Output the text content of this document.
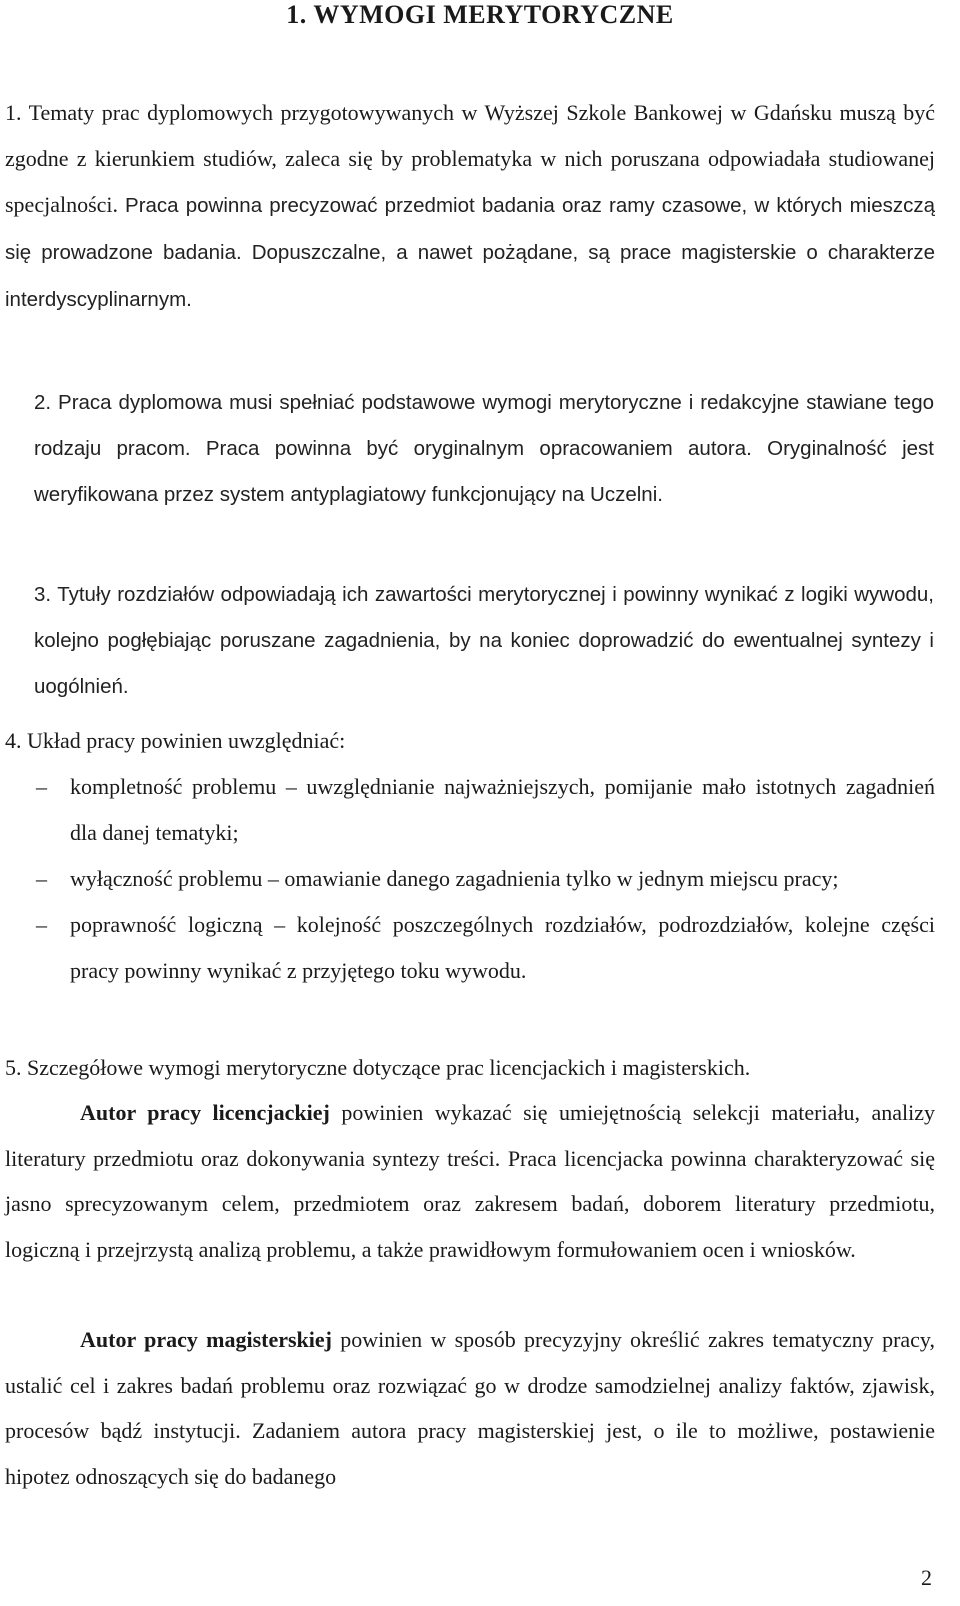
1. WYMOGI MERYTORYCZNE
1. Tematy prac dyplomowych przygotowywanych w Wyższej Szkole Bankowej w Gdańsku muszą być zgodne z kierunkiem studiów, zaleca się by problematyka w nich poruszana odpowiadała studiowanej specjalności. Praca powinna precyzować przedmiot badania oraz ramy czasowe, w których mieszczą się prowadzone badania. Dopuszczalne, a nawet pożądane, są prace magisterskie o charakterze interdyscyplinarnym.
2. Praca dyplomowa musi spełniać podstawowe wymogi merytoryczne i redakcyjne stawiane tego rodzaju pracom. Praca powinna być oryginalnym opracowaniem autora. Oryginalność jest weryfikowana przez system antyplagiatowy funkcjonujący na Uczelni.
3. Tytuły rozdziałów odpowiadają ich zawartości merytorycznej i powinny wynikać z logiki wywodu, kolejno pogłębiając poruszane zagadnienia, by na koniec doprowadzić do ewentualnej syntezy i uogólnień.
4. Układ pracy powinien uwzględniać:
– kompletność problemu – uwzględnianie najważniejszych, pomijanie mało istotnych zagadnień dla danej tematyki;
– wyłączność problemu – omawianie danego zagadnienia tylko w jednym miejscu pracy;
– poprawność logiczną – kolejność poszczególnych rozdziałów, podrozdziałów, kolejne części pracy powinny wynikać z przyjętego toku wywodu.
5. Szczegółowe wymogi merytoryczne dotyczące prac licencjackich i magisterskich.
Autor pracy licencjackiej powinien wykazać się umiejętnością selekcji materiału, analizy literatury przedmiotu oraz dokonywania syntezy treści. Praca licencjacka powinna charakteryzować się jasno sprecyzowanym celem, przedmiotem oraz zakresem badań, doborem literatury przedmiotu, logiczną i przejrzystą analizą problemu, a także prawidłowym formułowaniem ocen i wniosków.
Autor pracy magisterskiej powinien w sposób precyzyjny określić zakres tematyczny pracy, ustalić cel i zakres badań problemu oraz rozwiązać go w drodze samodzielnej analizy faktów, zjawisk, procesów bądź instytucji. Zadaniem autora pracy magisterskiej jest, o ile to możliwe, postawienie hipotez odnoszących się do badanego
2
